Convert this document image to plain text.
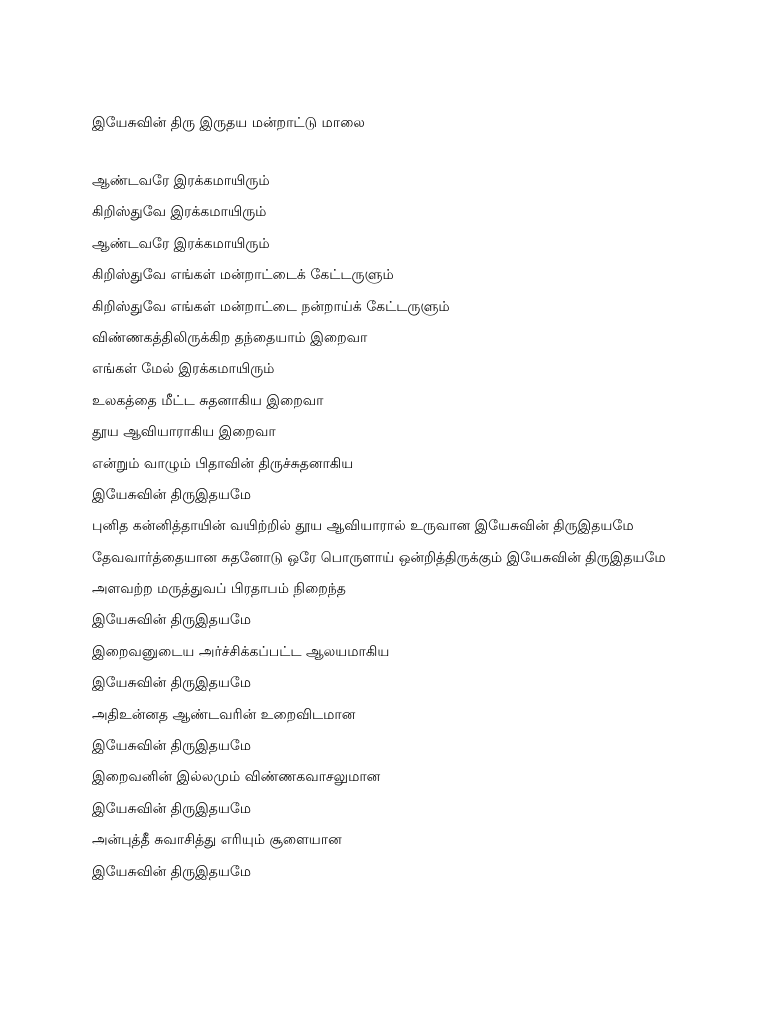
இயேசுவின் திரு இருதய மன்றாட்டு மாலை
ஆண்டவரே இரக்கமாயிரும்
கிறிஸ்துவே இரக்கமாயிரும்
ஆண்டவரே இரக்கமாயிரும்
கிறிஸ்துவே எங்கள் மன்றாட்டைக் கேட்டருளும்
கிறிஸ்துவே எங்கள் மன்றாட்டை நன்றாய்க் கேட்டருளும்
விண்ணகத்திலிருக்கிற தந்தையாம் இறைவா
எங்கள் மேல் இரக்கமாயிரும்
உலகத்தை மீட்ட சுதனாகிய இறைவா
தூய ஆவியாராகிய இறைவா
என்றும் வாழும் பிதாவின் திருச்சுதனாகிய
இயேசுவின் திருஇதயமே
புனித கன்னித்தாயின் வயிற்றில் தூய ஆவியாரால் உருவான இயேசுவின் திருஇதயமே
தேவவார்த்தையான சுதனோடு ஒரே பொருளாய் ஒன்றித்திருக்கும் இயேசுவின் திருஇதயமே
அளவற்ற மருத்துவப் பிரதாபம் நிறைந்த
இயேசுவின் திருஇதயமே
இறைவனுடைய அர்ச்சிக்கப்பட்ட ஆலயமாகிய
இயேசுவின் திருஇதயமே
அதிஉன்னத ஆண்டவரின் உறைவிடமான
இயேசுவின் திருஇதயமே
இறைவனின் இல்லமும் விண்ணகவாசலுமான
இயேசுவின் திருஇதயமே
அன்புத்தீ சுவாசித்து எரியும் சூளையான
இயேசுவின் திருஇதயமே
